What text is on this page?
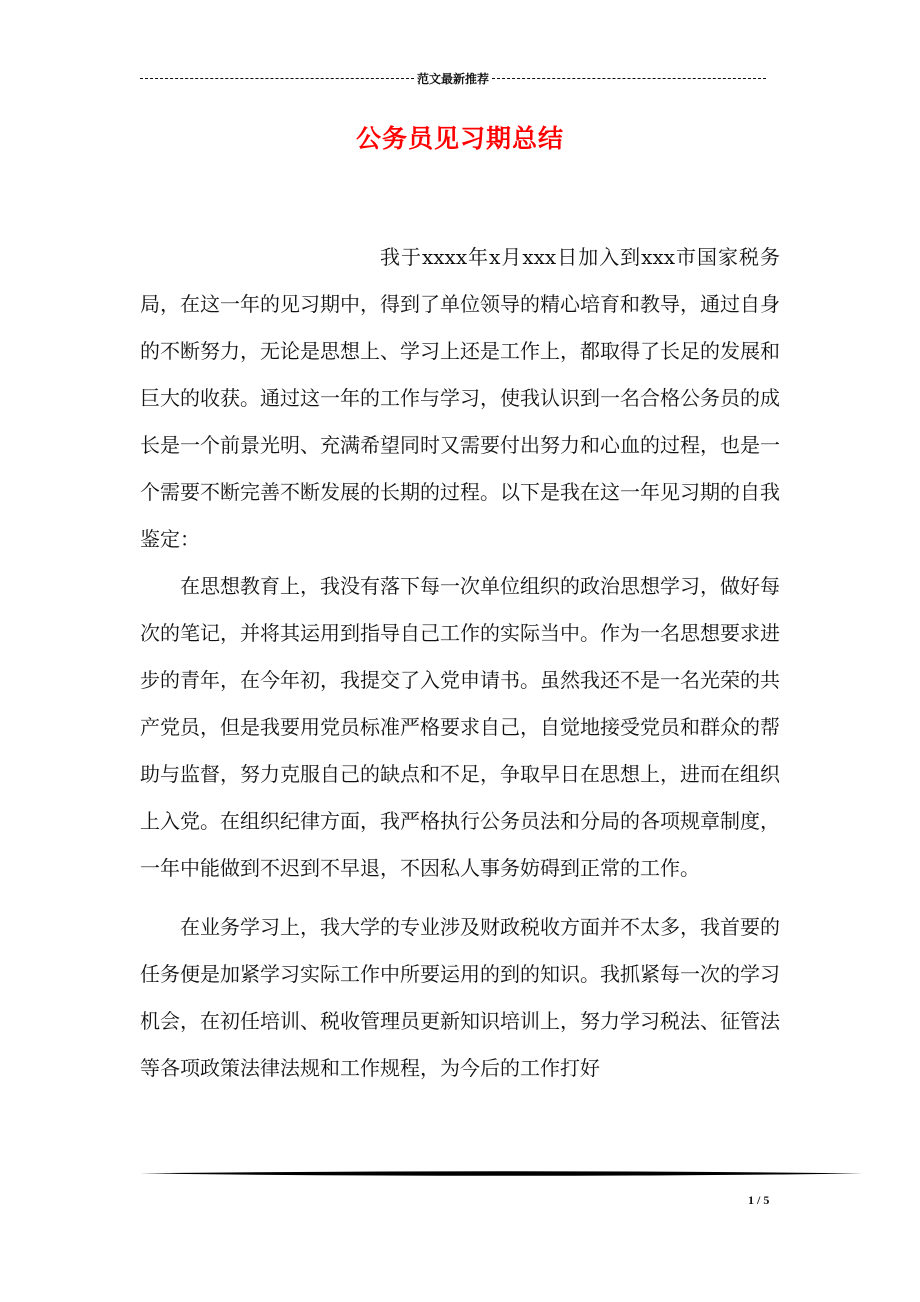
范文最新推荐
公务员见习期总结

我于xxxx年x月xxx日加入到xxx市国家税务局，在这一年的见习期中，得到了单位领导的精心培育和教导，通过自身的不断努力，无论是思想上、学习上还是工作上，都取得了长足的发展和巨大的收获。通过这一年的工作与学习，使我认识到一名合格公务员的成长是一个前景光明、充满希望同时又需要付出努力和心血的过程，也是一个需要不断完善不断发展的长期的过程。以下是我在这一年见习期的自我鉴定：

在思想教育上，我没有落下每一次单位组织的政治思想学习，做好每次的笔记，并将其运用到指导自己工作的实际当中。作为一名思想要求进步的青年，在今年初，我提交了入党申请书。虽然我还不是一名光荣的共产党员，但是我要用党员标准严格要求自己，自觉地接受党员和群众的帮助与监督，努力克服自己的缺点和不足，争取早日在思想上，进而在组织上入党。在组织纪律方面，我严格执行公务员法和分局的各项规章制度，一年中能做到不迟到不早退，不因私人事务妨碍到正常的工作。

在业务学习上，我大学的专业涉及财政税收方面并不太多，我首要的任务便是加紧学习实际工作中所要运用的到的知识。我抓紧每一次的学习机会，在初任培训、税收管理员更新知识培训上，努力学习税法、征管法等各项政策法律法规和工作规程，为今后的工作打好

1 / 5
